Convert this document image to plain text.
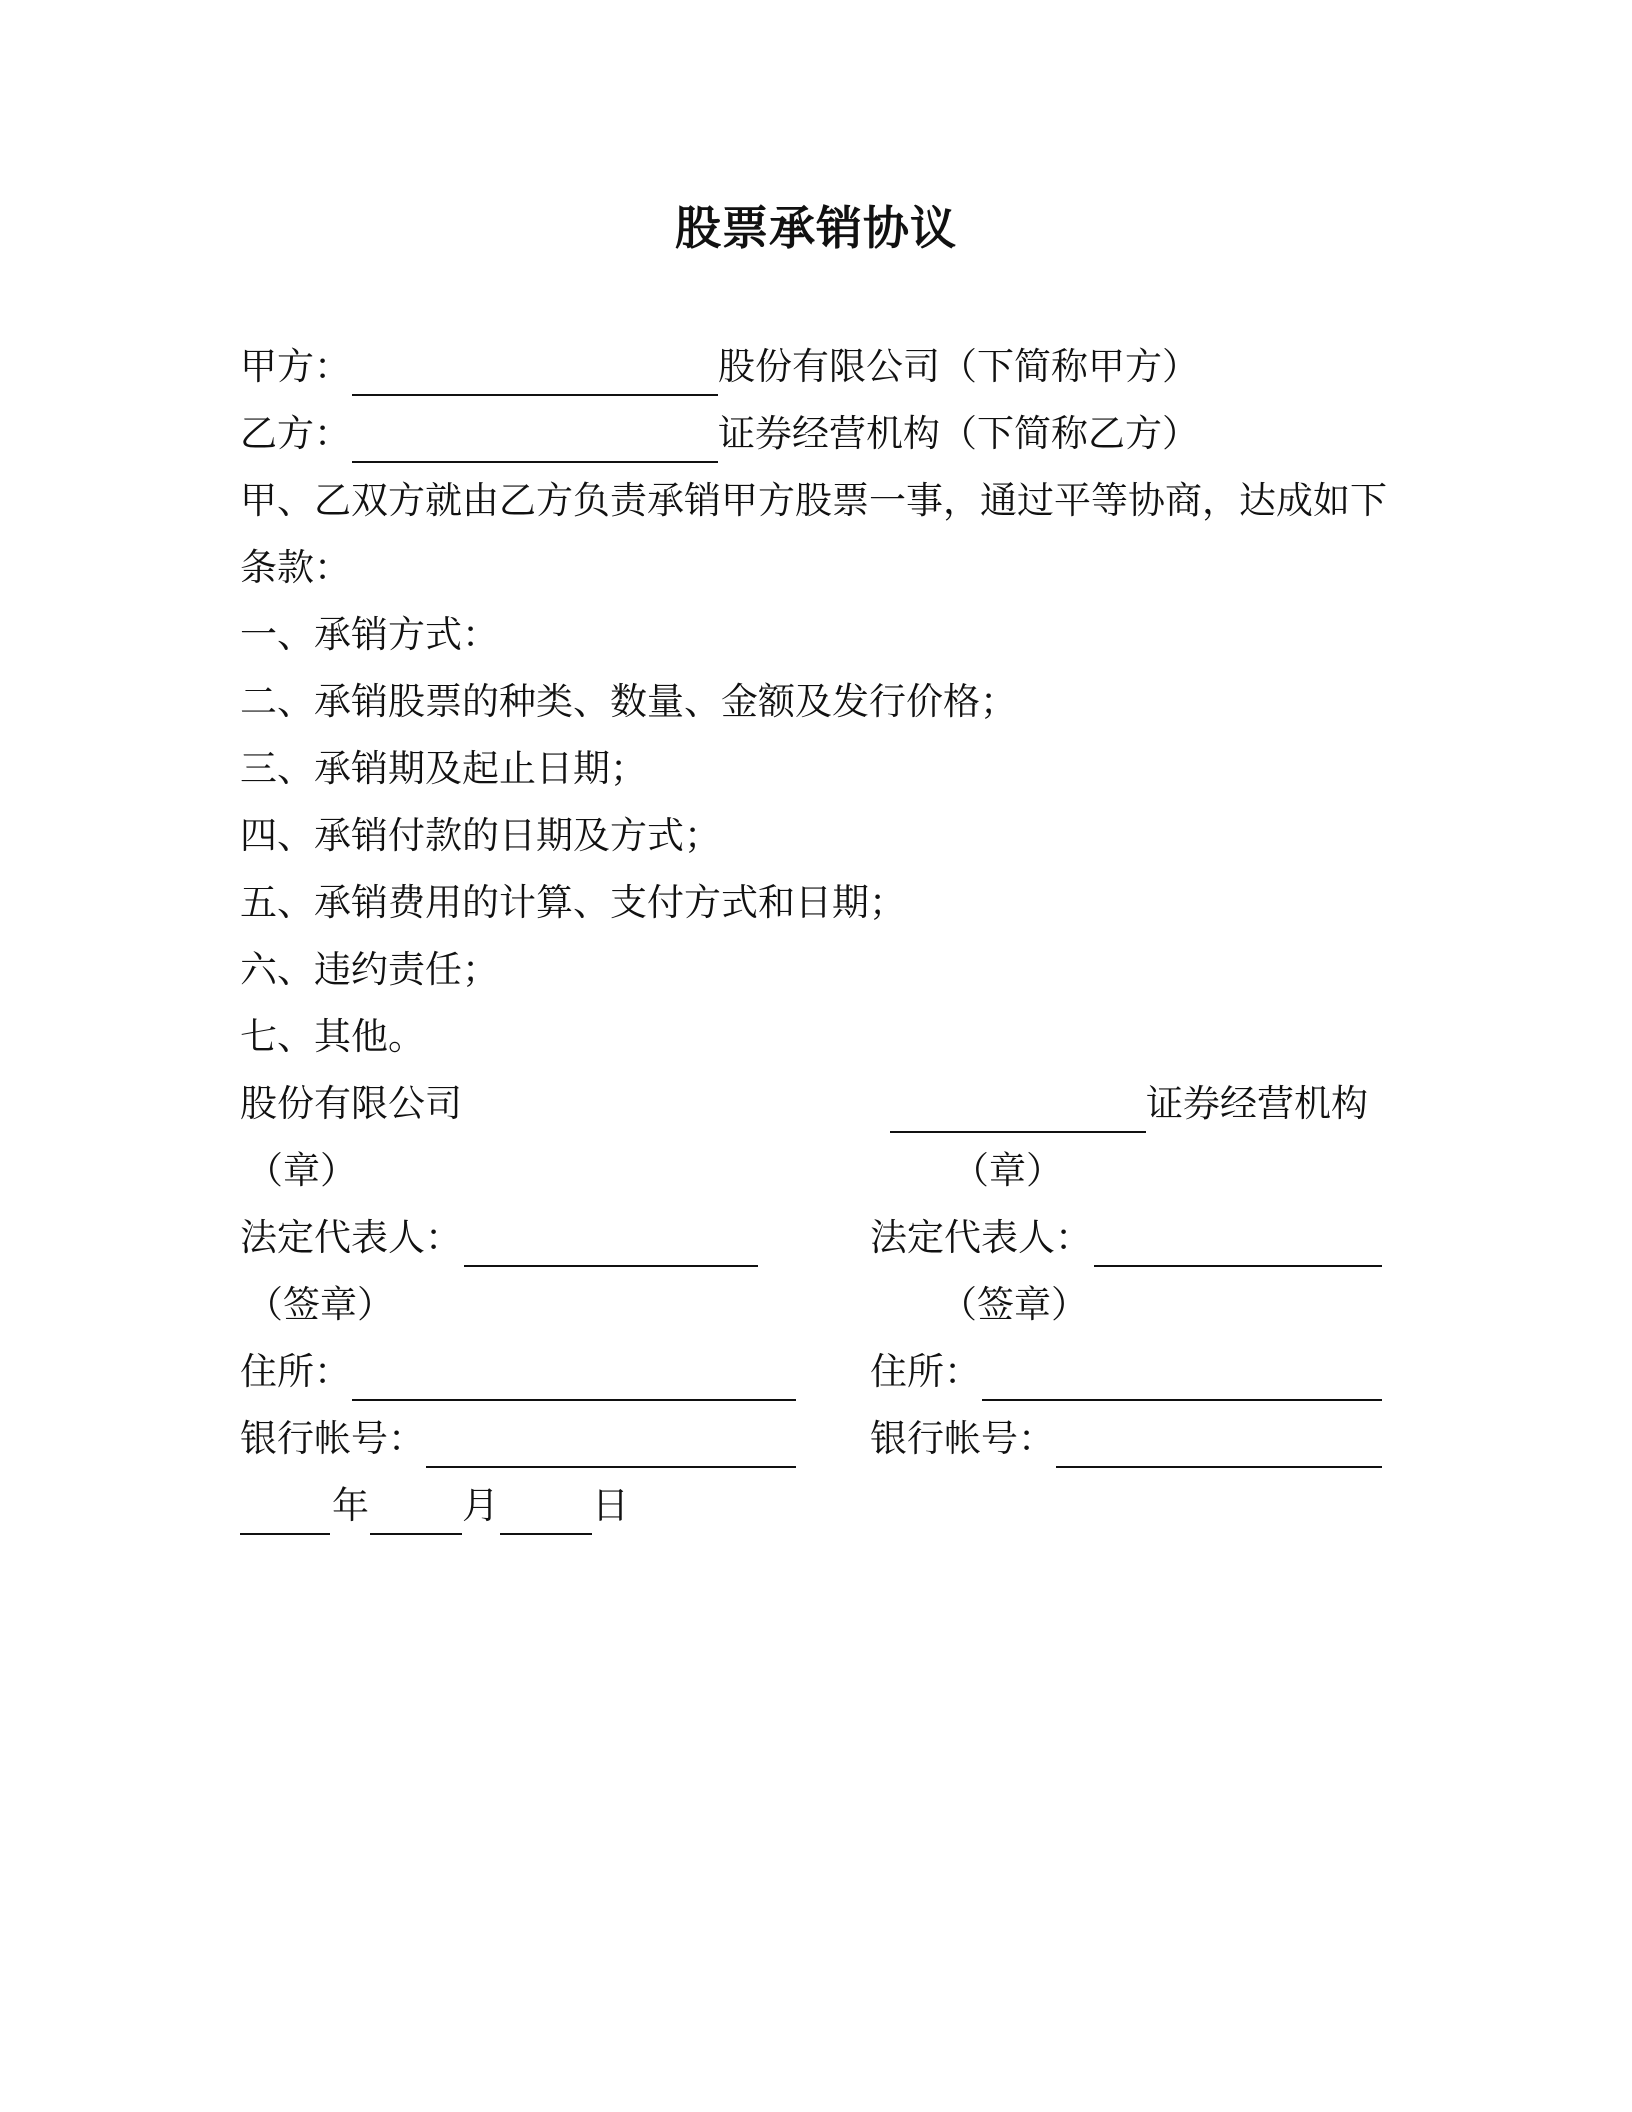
股票承销协议
甲方：	股份有限公司（下简称甲方）
乙方：	证券经营机构（下简称乙方）
甲、乙双方就由乙方负责承销甲方股票一事，通过平等协商，达成如下
条款：
一、承销方式：
二、承销股票的种类、数量、金额及发行价格；
三、承销期及起止日期；
四、承销付款的日期及方式；
五、承销费用的计算、支付方式和日期；
六、违约责任；
七、其他。
股份有限公司
（章）
法定代表人：
（签章）
住所：
银行帐号：
证券经营机构
（章）
法定代表人：
（签章）
住所：
银行帐号：
年	月	日
